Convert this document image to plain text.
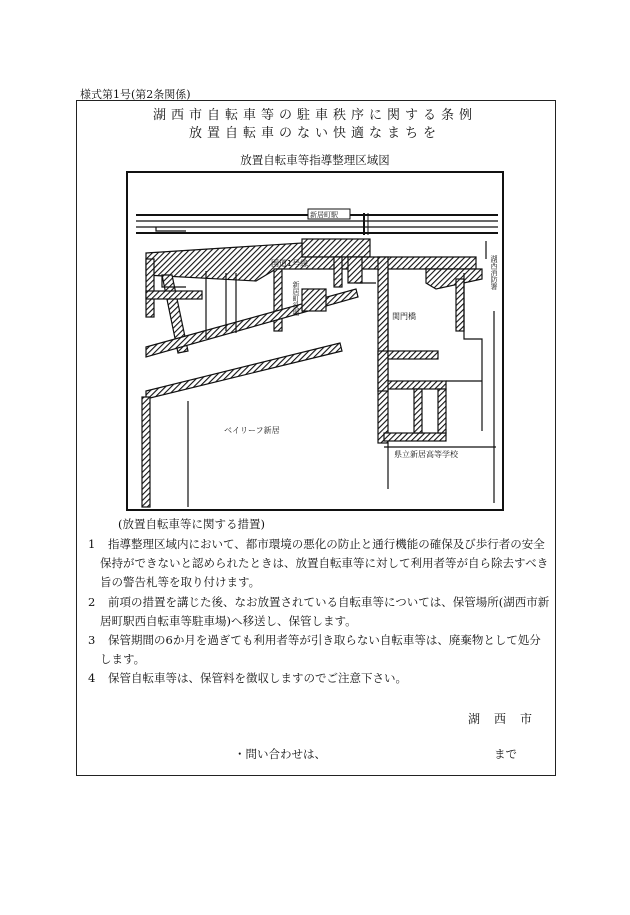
様式第1号(第2条関係)
湖西市自転車等の駐車秩序に関する条例
放置自転車のない快適なまちを
放置自転車等指導整理区域図
新居町駅
国道1号線
関門橋
ベイリーフ新居
県立新居高等学校
新居町役場
湖西消防署
(放置自転車等に関する措置)
1	指導整理区域内において、都市環境の悪化の防止と通行機能の確保及び歩行者の安全保持ができないと認められたときは、放置自転車等に対して利用者等が自ら除去すべき旨の警告札等を取り付けます。
2	前項の措置を講じた後、なお放置されている自転車等については、保管場所(湖西市新居町駅西自転車等駐車場)へ移送し、保管します。
3	保管期間の6か月を過ぎても利用者等が引き取らない自転車等は、廃棄物として処分します。
4	保管自転車等は、保管料を徴収しますのでご注意下さい。
湖西市
・問い合わせは、	まで
